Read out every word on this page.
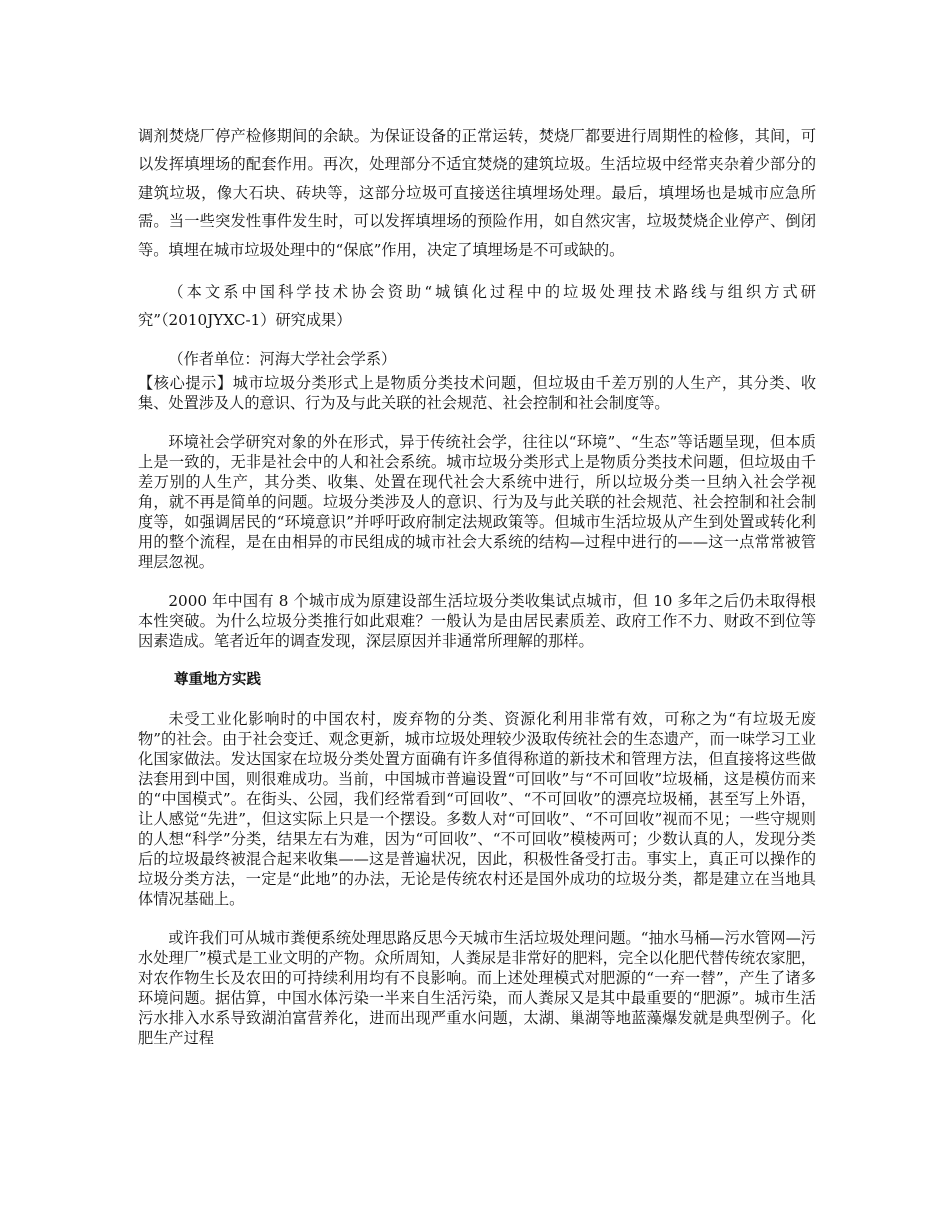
调剂焚烧厂停产检修期间的余缺。为保证设备的正常运转，焚烧厂都要进行周期性的检修，其间，可以发挥填埋场的配套作用。再次，处理部分不适宜焚烧的建筑垃圾。生活垃圾中经常夹杂着少部分的建筑垃圾，像大石块、砖块等，这部分垃圾可直接送往填埋场处理。最后，填埋场也是城市应急所需。当一些突发性事件发生时，可以发挥填埋场的预险作用，如自然灾害，垃圾焚烧企业停产、倒闭等。填埋在城市垃圾处理中的“保底”作用，决定了填埋场是不可或缺的。

（本文系中国科学技术协会资助“城镇化过程中的垃圾处理技术路线与组织方式研究”（2010JYXC-1）研究成果）

（作者单位：河海大学社会学系）

【核心提示】城市垃圾分类形式上是物质分类技术问题，但垃圾由千差万别的人生产，其分类、收集、处置涉及人的意识、行为及与此关联的社会规范、社会控制和社会制度等。

环境社会学研究对象的外在形式，异于传统社会学，往往以“环境”、“生态”等话题呈现，但本质上是一致的，无非是社会中的人和社会系统。城市垃圾分类形式上是物质分类技术问题，但垃圾由千差万别的人生产，其分类、收集、处置在现代社会大系统中进行，所以垃圾分类一旦纳入社会学视角，就不再是简单的问题。垃圾分类涉及人的意识、行为及与此关联的社会规范、社会控制和社会制度等，如强调居民的“环境意识”并呼吁政府制定法规政策等。但城市生活垃圾从产生到处置或转化利用的整个流程，是在由相异的市民组成的城市社会大系统的结构—过程中进行的——这一点常常被管理层忽视。

2000 年中国有 8 个城市成为原建设部生活垃圾分类收集试点城市，但 10 多年之后仍未取得根本性突破。为什么垃圾分类推行如此艰难？一般认为是由居民素质差、政府工作不力、财政不到位等因素造成。笔者近年的调查发现，深层原因并非通常所理解的那样。

尊重地方实践

未受工业化影响时的中国农村，废弃物的分类、资源化利用非常有效，可称之为“有垃圾无废物”的社会。由于社会变迁、观念更新，城市垃圾处理较少汲取传统社会的生态遗产，而一味学习工业化国家做法。发达国家在垃圾分类处置方面确有许多值得称道的新技术和管理方法，但直接将这些做法套用到中国，则很难成功。当前，中国城市普遍设置“可回收”与“不可回收”垃圾桶，这是模仿而来的“中国模式”。在街头、公园，我们经常看到“可回收”、“不可回收”的漂亮垃圾桶，甚至写上外语，让人感觉“先进”，但这实际上只是一个摆设。多数人对“可回收”、“不可回收”视而不见；一些守规则的人想“科学”分类，结果左右为难，因为“可回收”、“不可回收”模棱两可；少数认真的人，发现分类后的垃圾最终被混合起来收集——这是普遍状况，因此，积极性备受打击。事实上，真正可以操作的垃圾分类方法，一定是“此地”的办法，无论是传统农村还是国外成功的垃圾分类，都是建立在当地具体情况基础上。

或许我们可从城市粪便系统处理思路反思今天城市生活垃圾处理问题。“抽水马桶—污水管网—污水处理厂”模式是工业文明的产物。众所周知，人粪尿是非常好的肥料，完全以化肥代替传统农家肥，对农作物生长及农田的可持续利用均有不良影响。而上述处理模式对肥源的“一弃一替”，产生了诸多环境问题。据估算，中国水体污染一半来自生活污染，而人粪尿又是其中最重要的“肥源”。城市生活污水排入水系导致湖泊富营养化，进而出现严重水问题，太湖、巢湖等地蓝藻爆发就是典型例子。化肥生产过程
